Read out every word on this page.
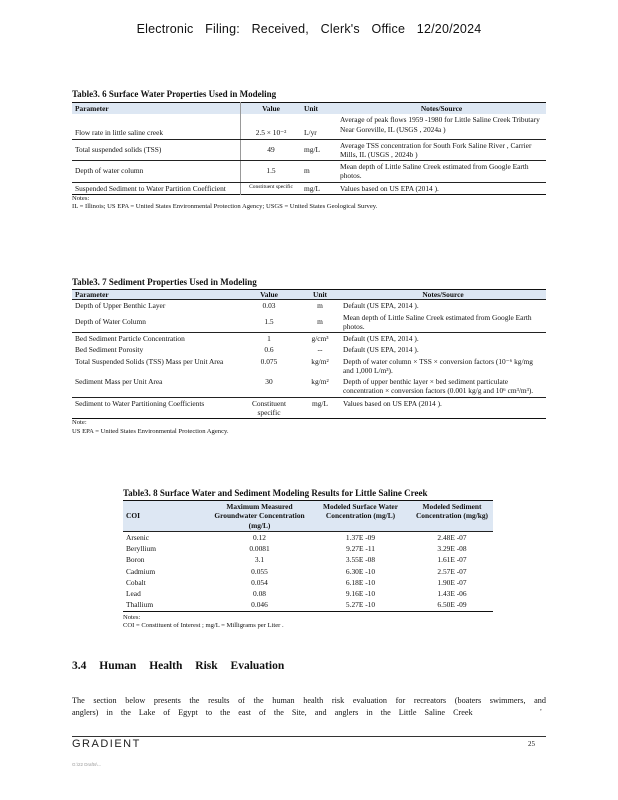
Electronic Filing: Received, Clerk's Office 12/20/2024
Table3. 6 Surface Water Properties Used in Modeling
Parameter	Value	Unit	Notes/Source
Flow rate in little saline creek	2.5 × 10⁻²	L/yr	Average of peak flows 1959 -1980 for Little Saline Creek Tributary Near Goreville, IL (USGS , 2024a )
Total suspended solids (TSS)	49	mg/L	Average TSS concentration for South Fork Saline River , Carrier Mills, IL (USGS , 2024b )
Depth of water column	1.5	m	Mean depth of Little Saline Creek estimated from Google Earth photos.
Suspended Sediment to Water Partition Coefficient	Constituent specific	mg/L	Values based on US EPA (2014 ).
Notes:
IL = Illinois; US EPA = United States Environmental Protection Agency; USGS = United States Geological Survey.
Table3. 7 Sediment Properties Used in Modeling
Parameter	Value	Unit	Notes/Source
Depth of Upper Benthic Layer	0.03	m	Default (US EPA, 2014 ).
Depth of Water Column	1.5	m	Mean depth of Little Saline Creek estimated from Google Earth photos.
Bed Sediment Particle Concentration	1	g/cm³	Default (US EPA, 2014 ).
Bed Sediment Porosity	0.6	--	Default (US EPA, 2014 ).
Total Suspended Solids (TSS) Mass per Unit Area	0.075	kg/m²	Depth of water column × TSS × conversion factors (10⁻⁶ kg/mg and 1,000 L/m³).
Sediment Mass per Unit Area	30	kg/m²	Depth of upper benthic layer × bed sediment particulate concentration × conversion factors (0.001 kg/g and 10⁶ cm³/m³).
Sediment to Water Partitioning Coefficients	Constituent specific	mg/L	Values based on US EPA (2014 ).
Note:
US EPA = United States Environmental Protection Agency.
Table3. 8 Surface Water and Sediment Modeling Results for Little Saline Creek
COI	Maximum Measured Groundwater Concentration (mg/L)	Modeled Surface Water Concentration (mg/L)	Modeled Sediment Concentration (mg/kg)
Arsenic	0.12	1.37E -09	2.48E -07
Beryllium	0.0081	9.27E -11	3.29E -08
Boron	3.1	3.55E -08	1.61E -07
Cadmium	0.055	6.30E -10	2.57E -07
Cobalt	0.054	6.18E -10	1.90E -07
Lead	0.08	9.16E -10	1.43E -06
Thallium	0.046	5.27E -10	6.50E -09
Notes:
COI = Constituent of Interest ; mg/L = Milligrams per Liter .
3.4 Human Health Risk Evaluation
The section below presents the results of the human health risk evaluation for recreators (boaters swimmers, and anglers) in the Lake of Egypt to the east of the Site, and anglers in the Little Saline Creek	,
GRADIENT	25
G:\22 Drafts\...
